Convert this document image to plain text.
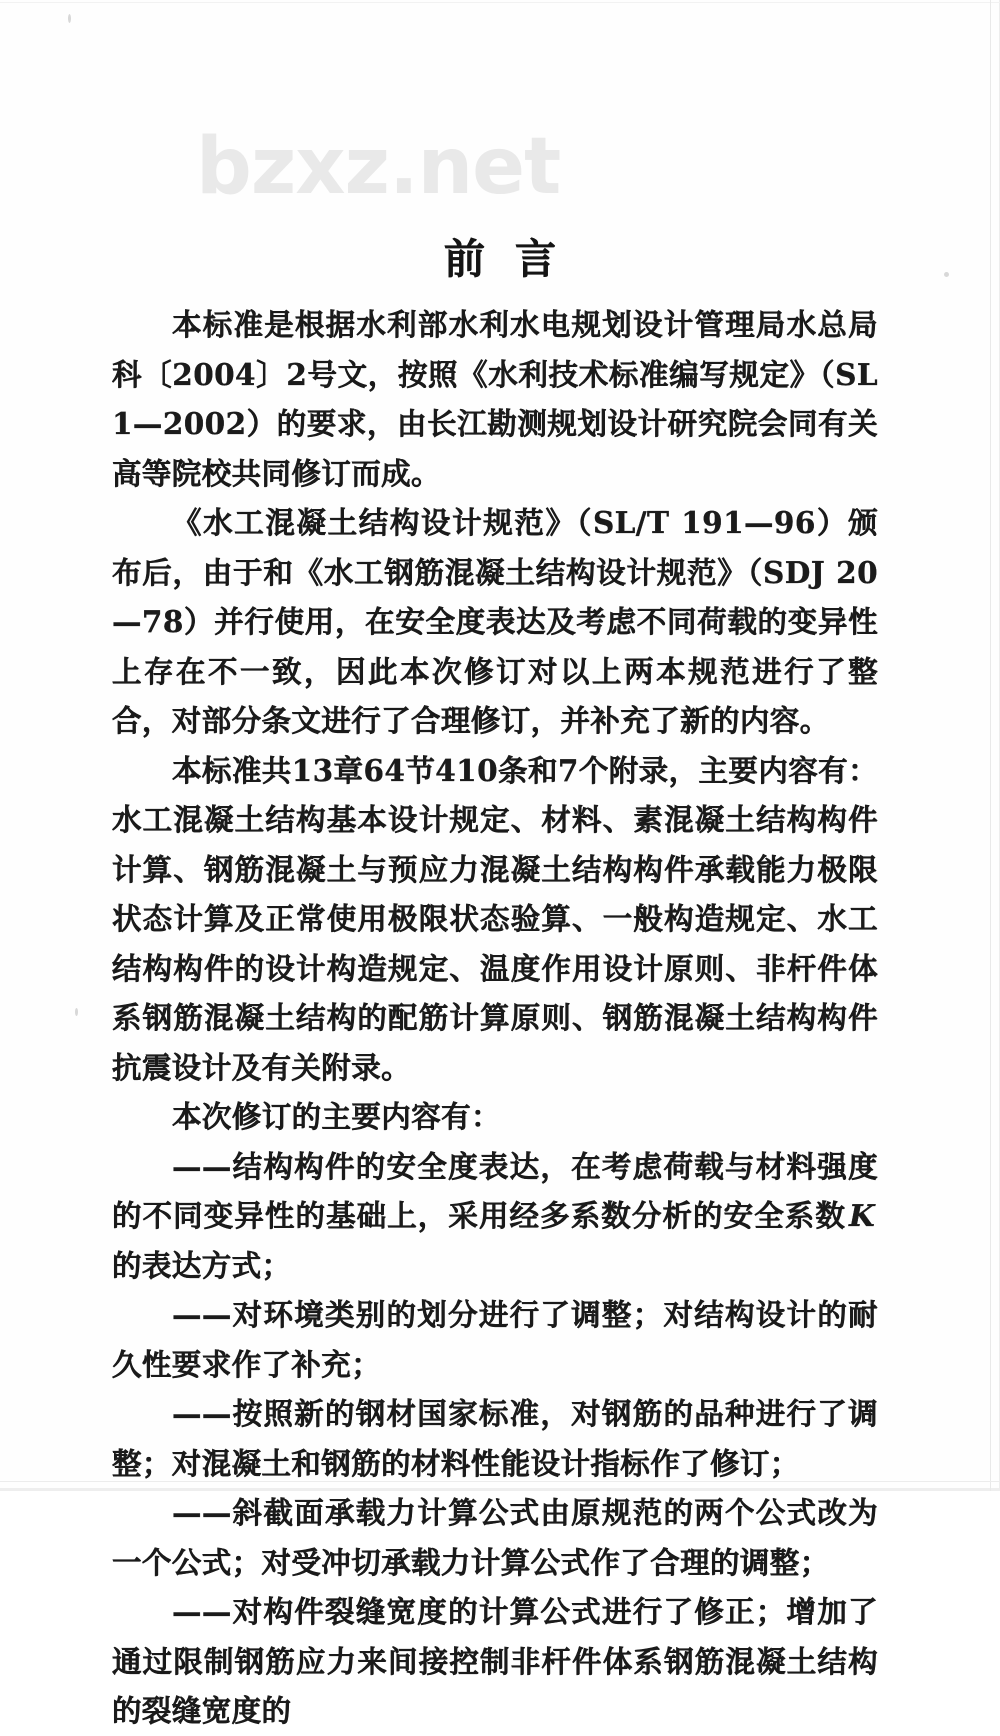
bzxz.net
前言

本标准是根据水利部水利水电规划设计管理局水总局科〔2004〕2号文，按照《水利技术标准编写规定》（SL 1—2002）的要求，由长江勘测规划设计研究院会同有关高等院校共同修订而成。

《水工混凝土结构设计规范》（SL/T 191—96）颁布后，由于和《水工钢筋混凝土结构设计规范》（SDJ 20—78）并行使用，在安全度表达及考虑不同荷载的变异性上存在不一致，因此本次修订对以上两本规范进行了整合，对部分条文进行了合理修订，并补充了新的内容。

本标准共13章64节410条和7个附录，主要内容有：水工混凝土结构基本设计规定、材料、素混凝土结构构件计算、钢筋混凝土与预应力混凝土结构构件承载能力极限状态计算及正常使用极限状态验算、一般构造规定、水工结构构件的设计构造规定、温度作用设计原则、非杆件体系钢筋混凝土结构的配筋计算原则、钢筋混凝土结构构件抗震设计及有关附录。

本次修订的主要内容有：

——结构构件的安全度表达，在考虑荷载与材料强度的不同变异性的基础上，采用经多系数分析的安全系数 K的表达方式；

——对环境类别的划分进行了调整；对结构设计的耐久性要求作了补充；

——按照新的钢材国家标准，对钢筋的品种进行了调整；对混凝土和钢筋的材料性能设计指标作了修订；

——斜截面承载力计算公式由原规范的两个公式改为一个公式；对受冲切承载力计算公式作了合理的调整；

——对构件裂缝宽度的计算公式进行了修正；增加了通过限制钢筋应力来间接控制非杆件体系钢筋混凝土结构的裂缝宽度的
